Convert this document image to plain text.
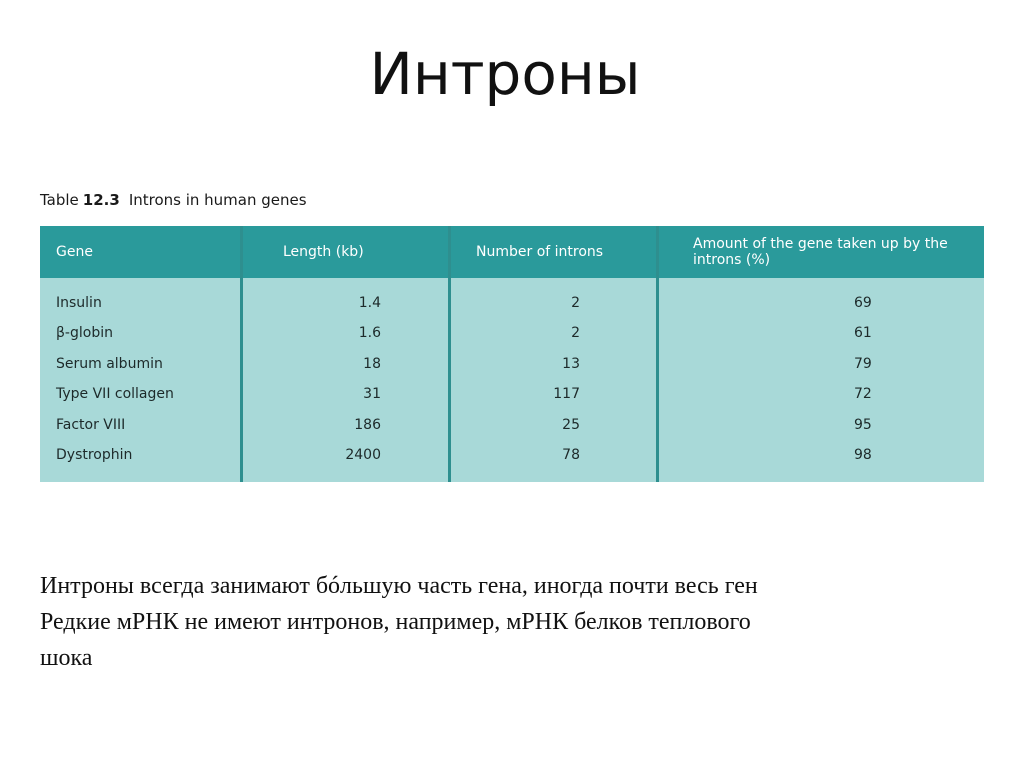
Интроны
Table 12.3 Introns in human genes
Gene	Length (kb)	Number of introns	Amount of the gene taken up by the introns (%)
Insulin	1.4	2	69
β-globin	1.6	2	61
Serum albumin	18	13	79
Type VII collagen	31	117	72
Factor VIII	186	25	95
Dystrophin	2400	78	98

Интроны всегда занимают бóльшую часть гена, иногда почти весь ген

Редкие мРНК не имеют интронов, например, мРНК белков теплового

шока
